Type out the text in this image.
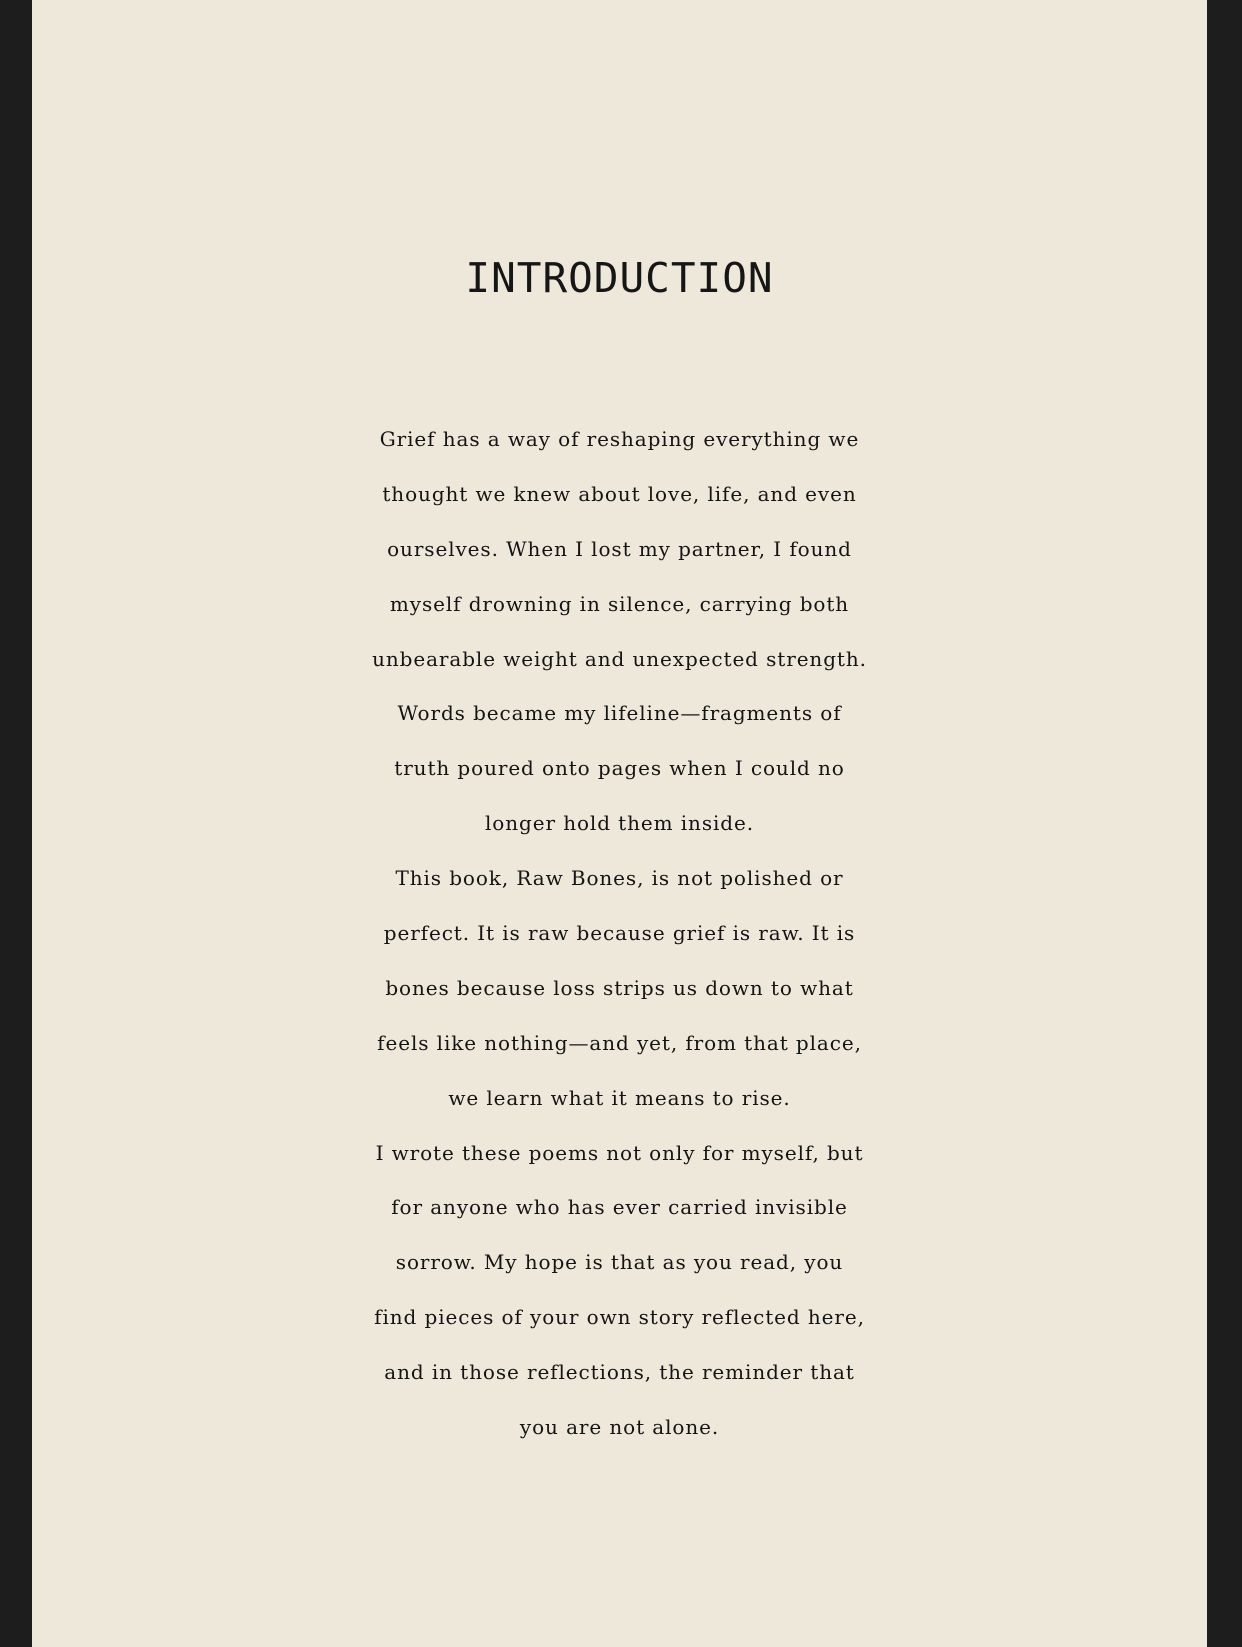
INTRODUCTION
Grief has a way of reshaping everything we
thought we knew about love, life, and even
ourselves. When I lost my partner, I found
myself drowning in silence, carrying both
unbearable weight and unexpected strength.
Words became my lifeline—fragments of
truth poured onto pages when I could no
longer hold them inside.
This book, Raw Bones, is not polished or
perfect. It is raw because grief is raw. It is
bones because loss strips us down to what
feels like nothing—and yet, from that place,
we learn what it means to rise.
I wrote these poems not only for myself, but
for anyone who has ever carried invisible
sorrow. My hope is that as you read, you
find pieces of your own story reflected here,
and in those reflections, the reminder that
you are not alone.
